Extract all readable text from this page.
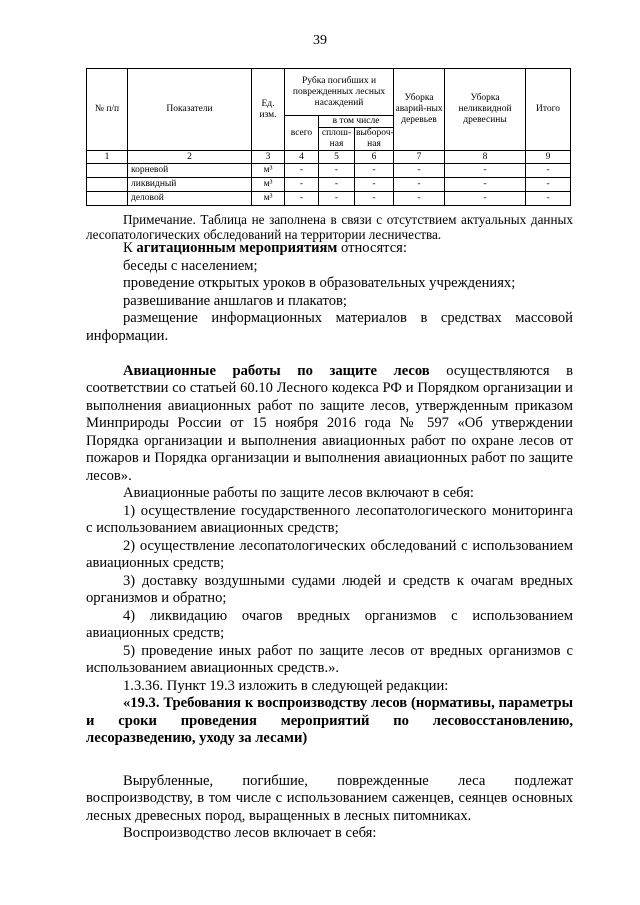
39
№ п/п	Показатели	Ед. изм.	Рубка погибших и поврежденных лесных насаждений			Уборка аварий-ных деревьев	Уборка неликвидной древесины	Итого
			всего	в том числе				
				сплош-ная	выбороч-ная			
1	2	3	4	5	6	7	8	9
	корневой	м³	-	-	-	-	-	-
	ликвидный	м³	-	-	-	-	-	-
	деловой	м³	-	-	-	-	-	-

Примечание. Таблица не заполнена в связи с отсутствием актуальных данных лесопатологических обследований на территории лесничества.

К агитационным мероприятиям относятся:

беседы с населением;

проведение открытых уроков в образовательных учреждениях;

развешивание аншлагов и плакатов;

размещение информационных материалов в средствах массовой информации.

Авиационные работы по защите лесов осуществляются в соответствии со статьей 60.10 Лесного кодекса РФ и Порядком организации и выполнения авиационных работ по защите лесов, утвержденным приказом Минприроды России от 15 ноября 2016 года № 597 «Об утверждении Порядка организации и выполнения авиационных работ по охране лесов от пожаров и Порядка организации и выполнения авиационных работ по защите лесов».

Авиационные работы по защите лесов включают в себя:

1) осуществление государственного лесопатологического мониторинга с использованием авиационных средств;

2) осуществление лесопатологических обследований с использованием авиационных средств;

3) доставку воздушными судами людей и средств к очагам вредных организмов и обратно;

4) ликвидацию очагов вредных организмов с использованием авиационных средств;

5) проведение иных работ по защите лесов от вредных организмов с использованием авиационных средств.».

1.3.36. Пункт 19.3 изложить в следующей редакции:

«19.3. Требования к воспроизводству лесов (нормативы, параметры и сроки проведения мероприятий по лесовосстановлению, лесоразведению, уходу за лесами)

Вырубленные, погибшие, поврежденные леса подлежат воспроизводству, в том числе с использованием саженцев, сеянцев основных лесных древесных пород, выращенных в лесных питомниках.

Воспроизводство лесов включает в себя:
